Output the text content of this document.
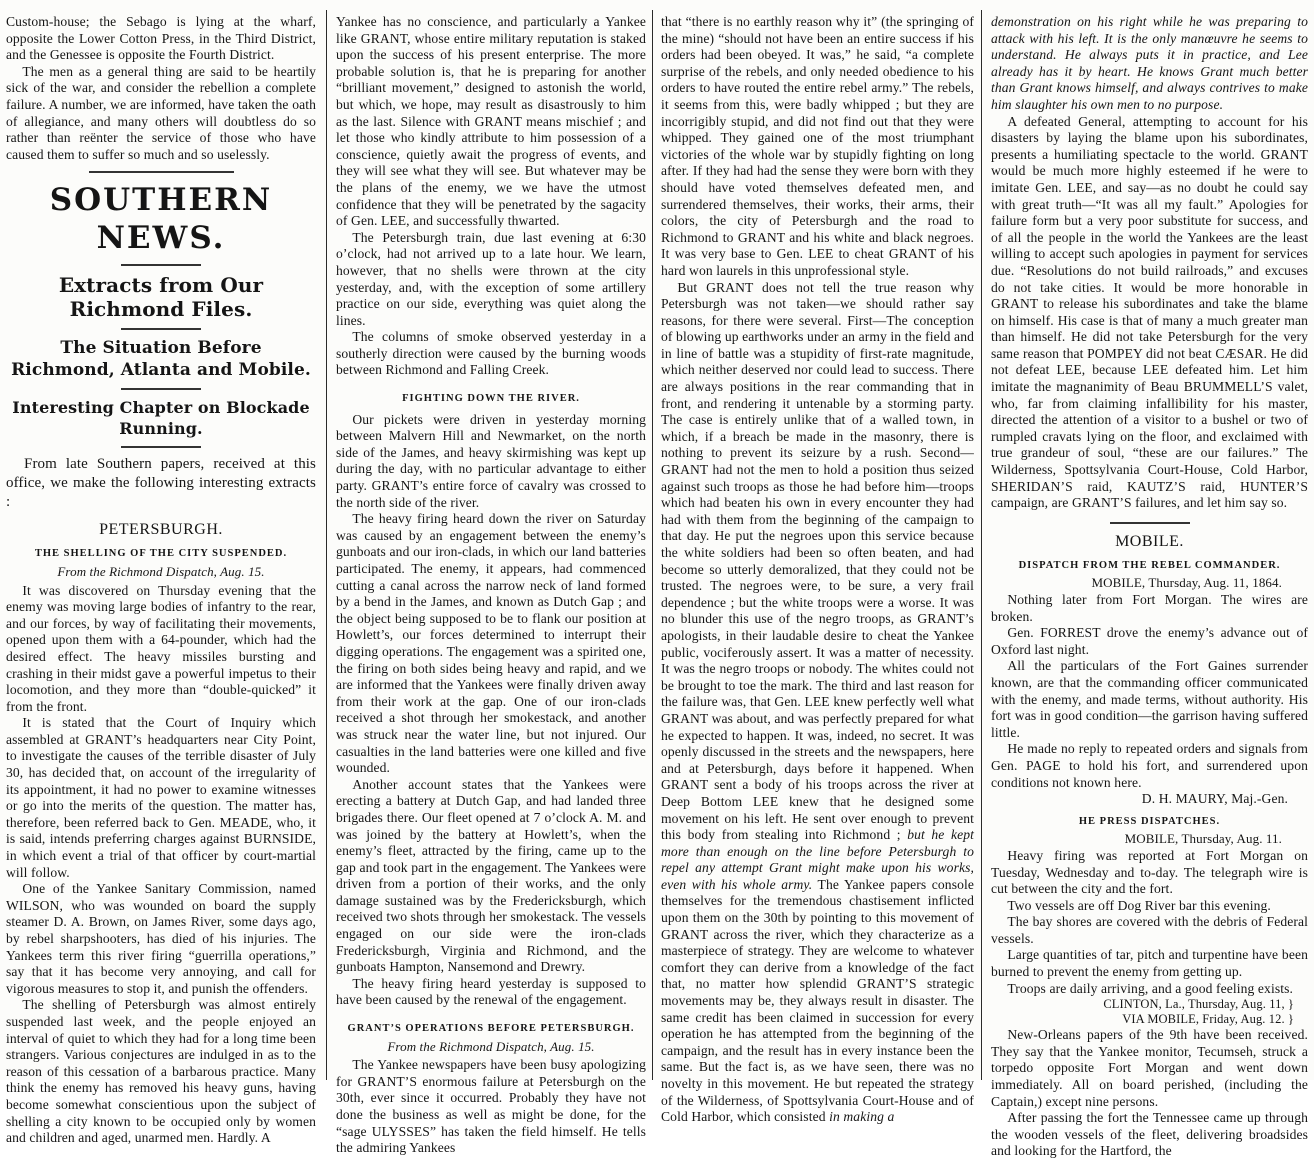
Custom-house; the Sebago is lying at the wharf, opposite the Lower Cotton Press, in the Third District, and the Genessee is opposite the Fourth District.

The men as a general thing are said to be heartily sick of the war, and consider the rebellion a complete failure. A number, we are informed, have taken the oath of allegiance, and many others will doubtless do so rather than reënter the service of those who have caused them to suffer so much and so uselessly.

SOUTHERN NEWS.
Extracts from Our Richmond Files.
The Situation Before Richmond, Atlanta and Mobile.
Interesting Chapter on Blockade Running.

From late Southern papers, received at this office, we make the following interesting extracts :

PETERSBURGH.
THE SHELLING OF THE CITY SUSPENDED.
From the Richmond Dispatch, Aug. 15.

It was discovered on Thursday evening that the enemy was moving large bodies of infantry to the rear, and our forces, by way of facilitating their movements, opened upon them with a 64-pounder, which had the desired effect. The heavy missiles bursting and crashing in their midst gave a powerful impetus to their locomotion, and they more than “double-quicked” it from the front.

It is stated that the Court of Inquiry which assembled at GRANT’s headquarters near City Point, to investigate the causes of the terrible disaster of July 30, has decided that, on account of the irregularity of its appointment, it had no power to examine witnesses or go into the merits of the question. The matter has, therefore, been referred back to Gen. MEADE, who, it is said, intends preferring charges against BURNSIDE, in which event a trial of that officer by court-martial will follow.

One of the Yankee Sanitary Commission, named WILSON, who was wounded on board the supply steamer D. A. Brown, on James River, some days ago, by rebel sharpshooters, has died of his injuries. The Yankees term this river firing “guerrilla operations,” say that it has become very annoying, and call for vigorous measures to stop it, and punish the offenders.

The shelling of Petersburgh was almost entirely suspended last week, and the people enjoyed an interval of quiet to which they had for a long time been strangers. Various conjectures are indulged in as to the reason of this cessation of a barbarous practice. Many think the enemy has removed his heavy guns, having become somewhat conscientious upon the subject of shelling a city known to be occupied only by women and children and aged, unarmed men. Hardly. A

Yankee has no conscience, and particularly a Yankee like GRANT, whose entire military reputation is staked upon the success of his present enterprise. The more probable solution is, that he is preparing for another “brilliant movement,” designed to astonish the world, but which, we hope, may result as disastrously to him as the last. Silence with GRANT means mischief ; and let those who kindly attribute to him possession of a conscience, quietly await the progress of events, and they will see what they will see. But whatever may be the plans of the enemy, we we have the utmost confidence that they will be penetrated by the sagacity of Gen. LEE, and successfully thwarted.

The Petersburgh train, due last evening at 6:30 o’clock, had not arrived up to a late hour. We learn, however, that no shells were thrown at the city yesterday, and, with the exception of some artillery practice on our side, everything was quiet along the lines.

The columns of smoke observed yesterday in a southerly direction were caused by the burning woods between Richmond and Falling Creek.

FIGHTING DOWN THE RIVER.

Our pickets were driven in yesterday morning between Malvern Hill and Newmarket, on the north side of the James, and heavy skirmishing was kept up during the day, with no particular advantage to either party. GRANT’s entire force of cavalry was crossed to the north side of the river.

The heavy firing heard down the river on Saturday was caused by an engagement between the enemy’s gunboats and our iron-clads, in which our land batteries participated. The enemy, it appears, had commenced cutting a canal across the narrow neck of land formed by a bend in the James, and known as Dutch Gap ; and the object being supposed to be to flank our position at Howlett’s, our forces determined to interrupt their digging operations. The engagement was a spirited one, the firing on both sides being heavy and rapid, and we are informed that the Yankees were finally driven away from their work at the gap. One of our iron-clads received a shot through her smokestack, and another was struck near the water line, but not injured. Our casualties in the land batteries were one killed and five wounded.

Another account states that the Yankees were erecting a battery at Dutch Gap, and had landed three brigades there. Our fleet opened at 7 o’clock A. M. and was joined by the battery at Howlett’s, when the enemy’s fleet, attracted by the firing, came up to the gap and took part in the engagement. The Yankees were driven from a portion of their works, and the only damage sustained was by the Fredericksburgh, which received two shots through her smokestack. The vessels engaged on our side were the iron-clads Fredericksburgh, Virginia and Richmond, and the gunboats Hampton, Nansemond and Drewry.

The heavy firing heard yesterday is supposed to have been caused by the renewal of the engagement.

GRANT’S OPERATIONS BEFORE PETERSBURGH.
From the Richmond Dispatch, Aug. 15.

The Yankee newspapers have been busy apologizing for GRANT’S enormous failure at Petersburgh on the 30th, ever since it occurred. Probably they have not done the business as well as might be done, for the “sage ULYSSES” has taken the field himself. He tells the admiring Yankees

that “there is no earthly reason why it” (the springing of the mine) “should not have been an entire success if his orders had been obeyed. It was,” he said, “a complete surprise of the rebels, and only needed obedience to his orders to have routed the entire rebel army.” The rebels, it seems from this, were badly whipped ; but they are incorrigibly stupid, and did not find out that they were whipped. They gained one of the most triumphant victories of the whole war by stupidly fighting on long after. If they had had the sense they were born with they should have voted themselves defeated men, and surrendered themselves, their works, their arms, their colors, the city of Petersburgh and the road to Richmond to GRANT and his white and black negroes. It was very base to Gen. LEE to cheat GRANT of his hard won laurels in this unprofessional style.

But GRANT does not tell the true reason why Petersburgh was not taken—we should rather say reasons, for there were several. First—The conception of blowing up earthworks under an army in the field and in line of battle was a stupidity of first-rate magnitude, which neither deserved nor could lead to success. There are always positions in the rear commanding that in front, and rendering it untenable by a storming party. The case is entirely unlike that of a walled town, in which, if a breach be made in the masonry, there is nothing to prevent its seizure by a rush. Second—GRANT had not the men to hold a position thus seized against such troops as those he had before him—troops which had beaten his own in every encounter they had had with them from the beginning of the campaign to that day. He put the negroes upon this service because the white soldiers had been so often beaten, and had become so utterly demoralized, that they could not be trusted. The negroes were, to be sure, a very frail dependence ; but the white troops were a worse. It was no blunder this use of the negro troops, as GRANT’s apologists, in their laudable desire to cheat the Yankee public, vociferously assert. It was a matter of necessity. It was the negro troops or nobody. The whites could not be brought to toe the mark. The third and last reason for the failure was, that Gen. LEE knew perfectly well what GRANT was about, and was perfectly prepared for what he expected to happen. It was, indeed, no secret. It was openly discussed in the streets and the newspapers, here and at Petersburgh, days before it happened. When GRANT sent a body of his troops across the river at Deep Bottom LEE knew that he designed some movement on his left. He sent over enough to prevent this body from stealing into Richmond ; but he kept more than enough on the line before Petersburgh to repel any attempt Grant might make upon his works, even with his whole army. The Yankee papers console themselves for the tremendous chastisement inflicted upon them on the 30th by pointing to this movement of GRANT across the river, which they characterize as a masterpiece of strategy. They are welcome to whatever comfort they can derive from a knowledge of the fact that, no matter how splendid GRANT’S strategic movements may be, they always result in disaster. The same credit has been claimed in succession for every operation he has attempted from the beginning of the campaign, and the result has in every instance been the same. But the fact is, as we have seen, there was no novelty in this movement. He but repeated the strategy of the Wilderness, of Spottsylvania Court-House and of Cold Harbor, which consisted in making a

demonstration on his right while he was preparing to attack with his left. It is the only manœuvre he seems to understand. He always puts it in practice, and Lee already has it by heart. He knows Grant much better than Grant knows himself, and always contrives to make him slaughter his own men to no purpose.

A defeated General, attempting to account for his disasters by laying the blame upon his subordinates, presents a humiliating spectacle to the world. GRANT would be much more highly esteemed if he were to imitate Gen. LEE, and say—as no doubt he could say with great truth—“It was all my fault.” Apologies for failure form but a very poor substitute for success, and of all the people in the world the Yankees are the least willing to accept such apologies in payment for services due. “Resolutions do not build railroads,” and excuses do not take cities. It would be more honorable in GRANT to release his subordinates and take the blame on himself. His case is that of many a much greater man than himself. He did not take Petersburgh for the very same reason that POMPEY did not beat CÆSAR. He did not defeat LEE, because LEE defeated him. Let him imitate the magnanimity of Beau BRUMMELL’S valet, who, far from claiming infallibility for his master, directed the attention of a visitor to a bushel or two of rumpled cravats lying on the floor, and exclaimed with true grandeur of soul, “these are our failures.” The Wilderness, Spottsylvania Court-House, Cold Harbor, SHERIDAN’S raid, KAUTZ’S raid, HUNTER’S campaign, are GRANT’S failures, and let him say so.

MOBILE.
DISPATCH FROM THE REBEL COMMANDER.
MOBILE, Thursday, Aug. 11, 1864.

Nothing later from Fort Morgan. The wires are broken.

Gen. FORREST drove the enemy’s advance out of Oxford last night.

All the particulars of the Fort Gaines surrender known, are that the commanding officer communicated with the enemy, and made terms, without authority. His fort was in good condition—the garrison having suffered little.

He made no reply to repeated orders and signals from Gen. PAGE to hold his fort, and surrendered upon conditions not known here.

D. H. MAURY, Maj.-Gen.
HE PRESS DISPATCHES.
MOBILE, Thursday, Aug. 11.

Heavy firing was reported at Fort Morgan on Tuesday, Wednesday and to-day. The telegraph wire is cut between the city and the fort.

Two vessels are off Dog River bar this evening.

The bay shores are covered with the debris of Federal vessels.

Large quantities of tar, pitch and turpentine have been burned to prevent the enemy from getting up.

Troops are daily arriving, and a good feeling exists.

CLINTON, La., Thursday, Aug. 11, }
VIA MOBILE, Friday, Aug. 12. }

New-Orleans papers of the 9th have been received. They say that the Yankee monitor, Tecumseh, struck a torpedo opposite Fort Morgan and went down immediately. All on board perished, (including the Captain,) except nine persons.

After passing the fort the Tennessee came up through the wooden vessels of the fleet, delivering broadsides and looking for the Hartford, the
